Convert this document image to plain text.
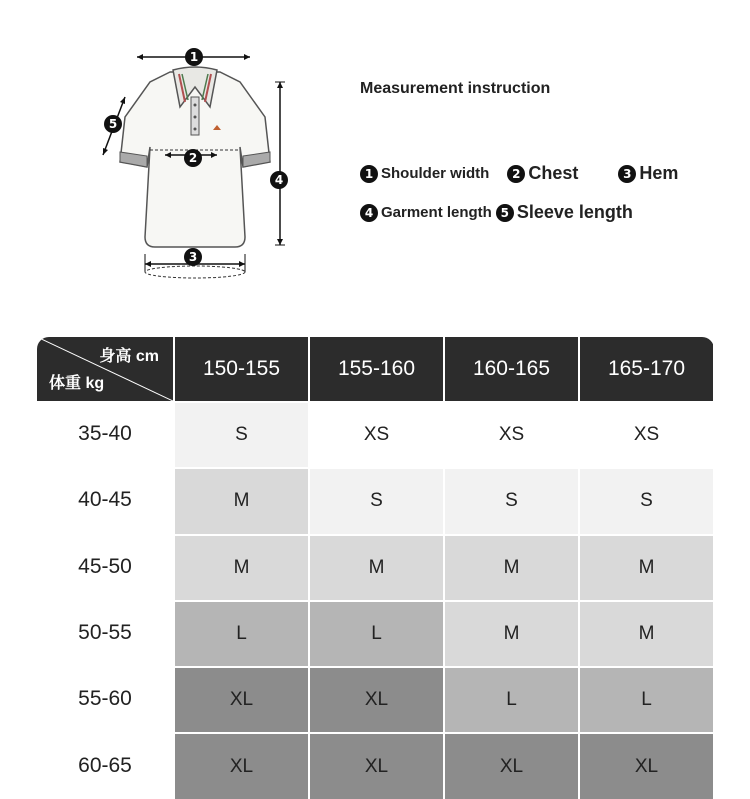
1
2
3
4
5
Measurement instruction
1 Shoulder width	2 Chest	3 Hem
4 Garment length 5 Sleeve length
身高 cm
体重 kg
150-155	155-160	160-165	165-170
35-40	S	XS	XS	XS
40-45	M	S	S	S
45-50	M	M	M	M
50-55	L	L	M	M
55-60	XL	XL	L	L
60-65	XL	XL	XL	XL
